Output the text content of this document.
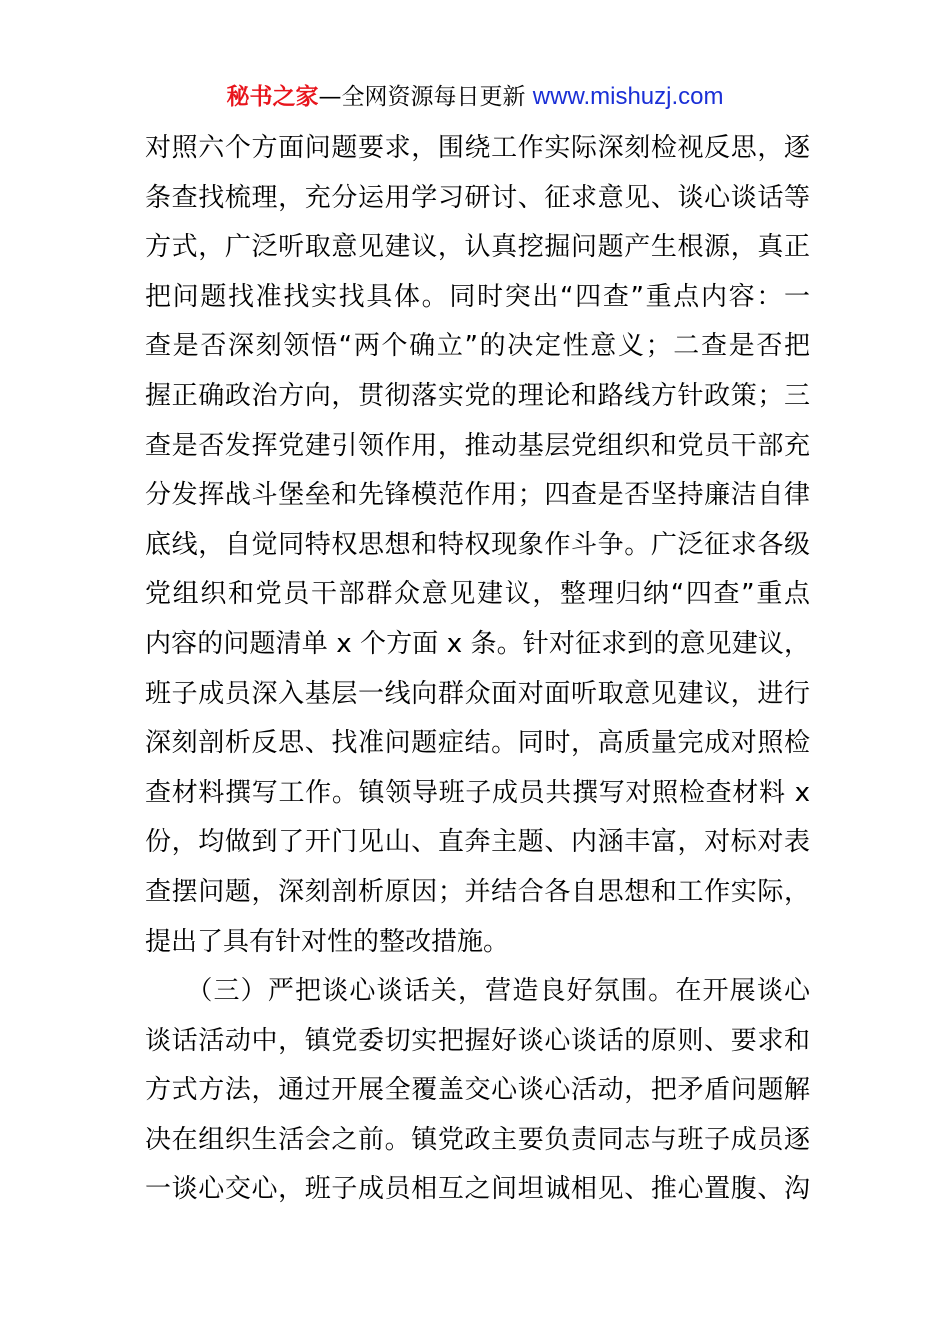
秘书之家—全网资源每日更新 www.mishuzj.com
对照六个方面问题要求，围绕工作实际深刻检视反思，逐
条查找梳理，充分运用学习研讨、征求意见、谈心谈话等
方式，广泛听取意见建议，认真挖掘问题产生根源，真正
把问题找准找实找具体。同时突出“四查”重点内容：一
查是否深刻领悟“两个确立”的决定性意义；二查是否把
握正确政治方向，贯彻落实党的理论和路线方针政策；三
查是否发挥党建引领作用，推动基层党组织和党员干部充
分发挥战斗堡垒和先锋模范作用；四查是否坚持廉洁自律
底线，自觉同特权思想和特权现象作斗争。广泛征求各级
党组织和党员干部群众意见建议，整理归纳“四查”重点
内容的问题清单 x 个方面 x 条。针对征求到的意见建议，
班子成员深入基层一线向群众面对面听取意见建议，进行
深刻剖析反思、找准问题症结。同时，高质量完成对照检
查材料撰写工作。镇领导班子成员共撰写对照检查材料 x
份，均做到了开门见山、直奔主题、内涵丰富，对标对表
查摆问题，深刻剖析原因；并结合各自思想和工作实际，
提出了具有针对性的整改措施。
　　（三）严把谈心谈话关，营造良好氛围。在开展谈心
谈话活动中，镇党委切实把握好谈心谈话的原则、要求和
方式方法，通过开展全覆盖交心谈心活动，把矛盾问题解
决在组织生活会之前。镇党政主要负责同志与班子成员逐
一谈心交心，班子成员相互之间坦诚相见、推心置腹、沟
